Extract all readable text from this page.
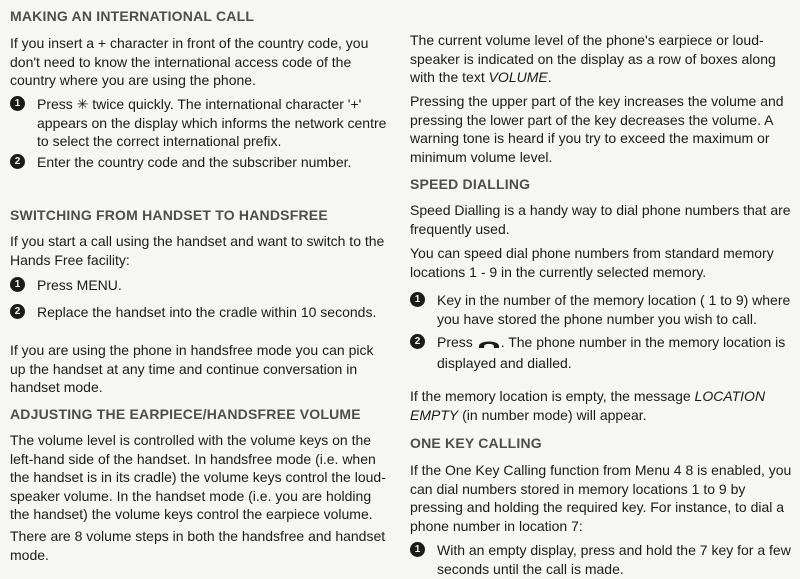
MAKING AN INTERNATIONAL CALL

If you insert a + character in front of the country code, you don't need to know the international access code of the country where you are using the phone.

1	Press ✳ twice quickly. The international character '+' appears on the display which informs the network centre to select the correct international prefix.
2	Enter the country code and the subscriber number.
SWITCHING FROM HANDSET TO HANDSFREE

If you start a call using the handset and want to switch to the Hands Free facility:

1	Press MENU.
2	Replace the handset into the cradle within 10 seconds.

If you are using the phone in handsfree mode you can pick up the handset at any time and continue conversation in handset mode.

ADJUSTING THE EARPIECE/HANDSFREE VOLUME

The volume level is controlled with the volume keys on the left-hand side of the handset. In handsfree mode (i.e. when the handset is in its cradle) the volume keys control the loud-speaker volume. In the handset mode (i.e. you are holding the handset) the volume keys control the earpiece volume.

There are 8 volume steps in both the handsfree and handset mode.

The current volume level of the phone's earpiece or loud-speaker is indicated on the display as a row of boxes along with the text VOLUME.

Pressing the upper part of the key increases the volume and pressing the lower part of the key decreases the volume. A warning tone is heard if you try to exceed the maximum or minimum volume level.

SPEED DIALLING

Speed Dialling is a handy way to dial phone numbers that are frequently used.

You can speed dial phone numbers from standard memory locations 1 - 9 in the currently selected memory.

1	Key in the number of the memory location ( 1 to 9) where you have stored the phone number you wish to call.
2	Press . The phone number in the memory location is displayed and dialled.

If the memory location is empty, the message LOCATION EMPTY (in number mode) will appear.

ONE KEY CALLING

If the One Key Calling function from Menu 4 8 is enabled, you can dial numbers stored in memory locations 1 to 9 by pressing and holding the required key. For instance, to dial a phone number in location 7:

1	With an empty display, press and hold the 7 key for a few seconds until the call is made.
